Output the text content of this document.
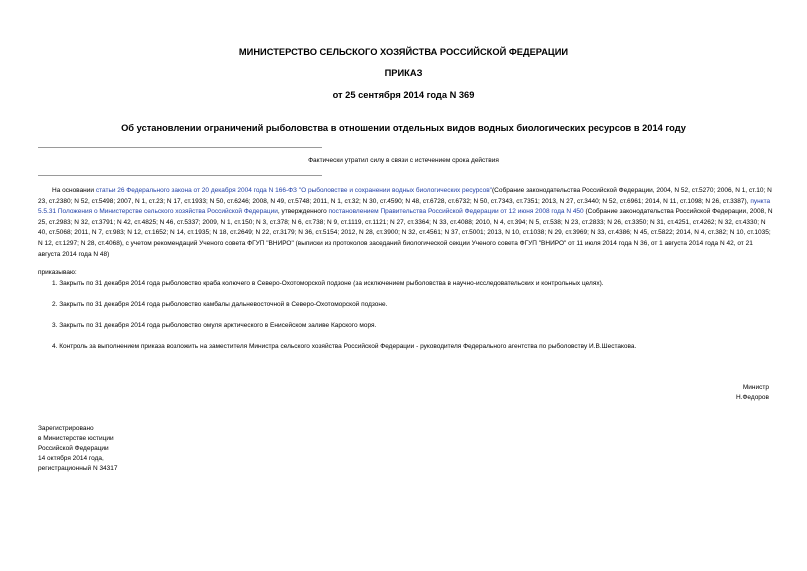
МИНИСТЕРСТВО СЕЛЬСКОГО ХОЗЯЙСТВА РОССИЙСКОЙ ФЕДЕРАЦИИ
ПРИКАЗ
от 25 сентября 2014 года N 369
Об установлении ограничений рыболовства в отношении отдельных видов водных биологических ресурсов в 2014 году
Фактически утратил силу в связи с истечением срока действия
На основании статьи 26 Федерального закона от 20 декабря 2004 года N 166-ФЗ "О рыболовстве и сохранении водных биологических ресурсов"(Собрание законодательства Российской Федерации, 2004, N 52, ст.5270; 2006, N 1, ст.10; N 23, ст.2380; N 52, ст.5498; 2007, N 1, ст.23; N 17, ст.1933; N 50, ст.6246; 2008, N 49, ст.5748; 2011, N 1, ст.32; N 30, ст.4590; N 48, ст.6728, ст.6732; N 50, ст.7343, ст.7351; 2013, N 27, ст.3440; N 52, ст.6961; 2014, N 11, ст.1098; N 26, ст.3387), пункта 5.5.31 Положения о Министерстве сельского хозяйства Российской Федерации, утвержденного постановлением Правительства Российской Федерации от 12 июня 2008 года N 450 (Собрание законодательства Российской Федерации, 2008, N 25, ст.2983; N 32, ст.3791; N 42, ст.4825; N 46, ст.5337; 2009, N 1, ст.150; N 3, ст.378; N 6, ст.738; N 9, ст.1119, ст.1121; N 27, ст.3364; N 33, ст.4088; 2010, N 4, ст.394; N 5, ст.538; N 23, ст.2833; N 26, ст.3350; N 31, ст.4251, ст.4262; N 32, ст.4330; N 40, ст.5068; 2011, N 7, ст.983; N 12, ст.1652; N 14, ст.1935; N 18, ст.2649; N 22, ст.3179; N 36, ст.5154; 2012, N 28, ст.3900; N 32, ст.4561; N 37, ст.5001; 2013, N 10, ст.1038; N 29, ст.3969; N 33, ст.4386; N 45, ст.5822; 2014, N 4, ст.382; N 10, ст.1035; N 12, ст.1297; N 28, ст.4068), с учетом рекомендаций Ученого совета ФГУП "ВНИРО" (выписки из протоколов заседаний биологической секции Ученого совета ФГУП "ВНИРО" от 11 июля 2014 года N 36, от 1 августа 2014 года N 42, от 21 августа 2014 года N 48)
приказываю:
1. Закрыть по 31 декабря 2014 года рыболовство краба колючего в Северо-Охотоморской подзоне (за исключением рыболовства в научно-исследовательских и контрольных целях).
2. Закрыть по 31 декабря 2014 года рыболовство камбалы дальневосточной в Северо-Охотоморской подзоне.
3. Закрыть по 31 декабря 2014 года рыболовство омуля арктического в Енисейском заливе Карского моря.
4. Контроль за выполнением приказа возложить на заместителя Министра сельского хозяйства Российской Федерации - руководителя Федерального агентства по рыболовству И.В.Шестакова.
Министр
Н.Федоров
Зарегистрировано
в Министерстве юстиции
Российской Федерации
14 октября 2014 года,
регистрационный N 34317
